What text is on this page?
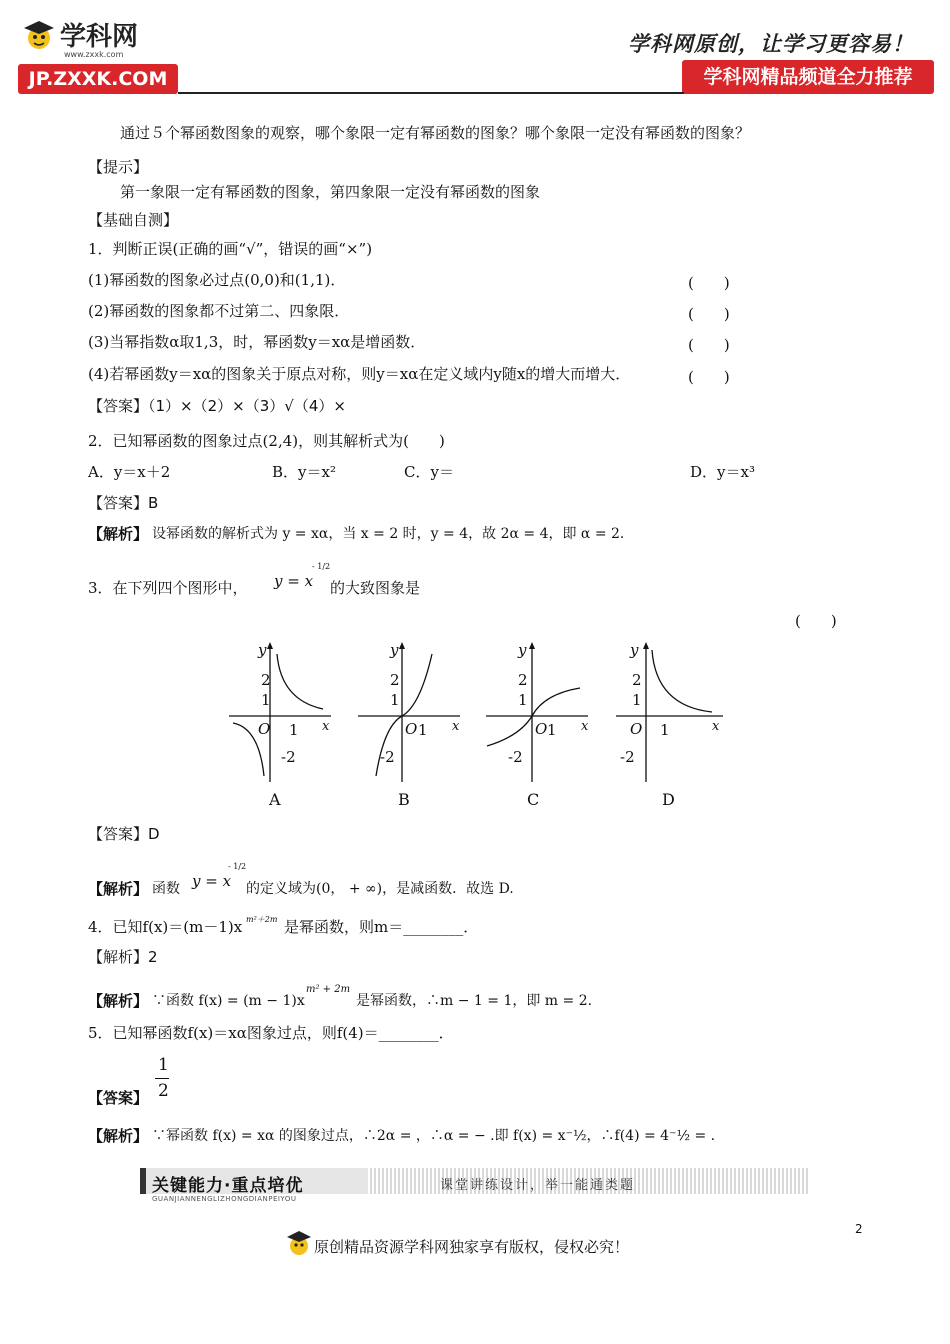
学科网
www.zxxk.com
JP.ZXXK.COM
学科网原创，让学习更容易！
学科网精品频道全力推荐
通过５个幂函数图象的观察，哪个象限一定有幂函数的图象？哪个象限一定没有幂函数的图象？
【提示】
第一象限一定有幂函数的图象，第四象限一定没有幂函数的图象
【基础自测】
1．判断正误(正确的画“√”，错误的画“×”)
(1)幂函数的图象必过点(0,0)和(1,1)．	(　　)
(2)幂函数的图象都不过第二、四象限．	(　　)
(3)当幂指数α取1,3，时，幂函数y＝xα是增函数．	(　　)
(4)若幂函数y＝xα的图象关于原点对称，则y＝xα在定义域内y随x的增大而增大．	(　　)
【答案】（1）×（2）×（3）√（4）×
2．已知幂函数的图象过点(2,4)，则其解析式为(　　)
A．y＝x＋2	B．y＝x²	C．y＝	D．y＝x³
【答案】B
【解析】 设幂函数的解析式为 y = xα，当 x = 2 时，y = 4，故 2α = 4，即 α = 2.
3．在下列四个图形中， y = x
- 1/2
的大致图象是
(　　)
y
x
2
1
O 1
-2
A
y
x
2
1
O 1
-2
B
y
x
2
1
O 1
-2
C
y
x
2
1
O 1
-2
D
【答案】D
【解析】 函数 y = x
- 1/2
的定义域为(0， + ∞)，是减函数．故选 D.
4．已知f(x)＝(m－1)x m²＋2m 是幂函数，则m＝________．
【解析】2
【解析】 ∵函数 f(x) = (m − 1)x
m² + 2m
是幂函数，∴m − 1 = 1，即 m = 2.
5．已知幂函数f(x)＝xα图象过点，则f(4)＝________．
1
2
【答案】
【解析】 ∵幂函数 f(x) = xα 的图象过点，∴2α = ，∴α = − .即 f(x) = x⁻½，∴f(4) = 4⁻½ = .
关键能力·重点培优
GUANJIANNENGLIZHONGDIANPEIYOU
课堂讲练设计，举一能通类题
2
原创精品资源学科网独家享有版权，侵权必究！
